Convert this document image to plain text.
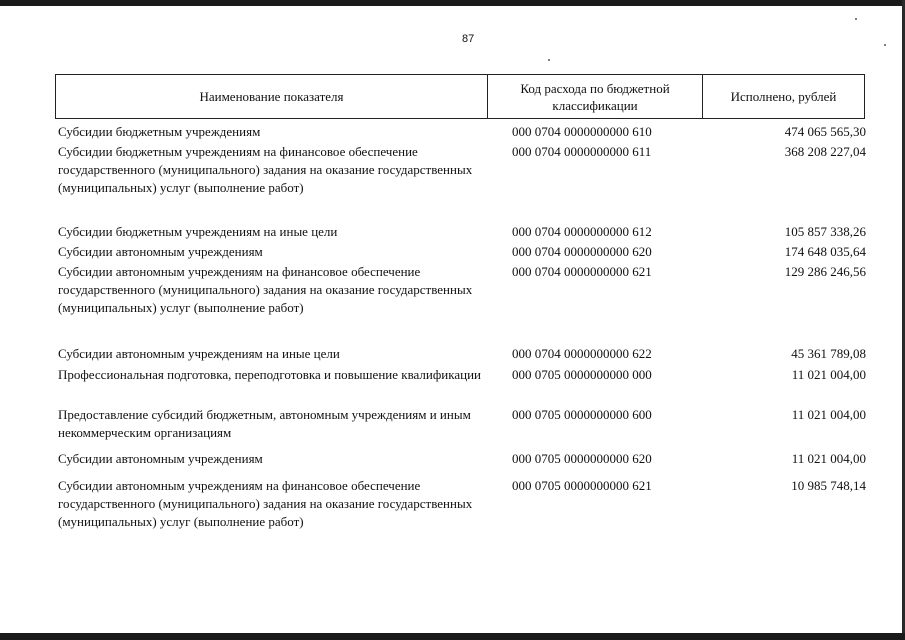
87
Наименование показателя
Код расхода по бюджетной классификации
Исполнено, рублей
Субсидии бюджетным учреждениям	000 0704 0000000000 610	474 065 565,30
Субсидии бюджетным учреждениям на финансовое обеспечение государственного (муниципального) задания на оказание государственных (муниципальных) услуг (выполнение работ)
000 0704 0000000000 611	368 208 227,04
Субсидии бюджетным учреждениям на иные цели	000 0704 0000000000 612	105 857 338,26
Субсидии автономным учреждениям	000 0704 0000000000 620	174 648 035,64
Субсидии автономным учреждениям на финансовое обеспечение государственного (муниципального) задания на оказание государственных (муниципальных) услуг (выполнение работ)
000 0704 0000000000 621	129 286 246,56
Субсидии автономным учреждениям на иные цели	000 0704 0000000000 622	45 361 789,08
Профессиональная подготовка, переподготовка и повышение квалификации	000 0705 0000000000 000	11 021 004,00
Предоставление субсидий бюджетным, автономным учреждениям и иным некоммерческим организациям
000 0705 0000000000 600	11 021 004,00
Субсидии автономным учреждениям	000 0705 0000000000 620	11 021 004,00
Субсидии автономным учреждениям на финансовое обеспечение государственного (муниципального) задания на оказание государственных (муниципальных) услуг (выполнение работ)
000 0705 0000000000 621	10 985 748,14
